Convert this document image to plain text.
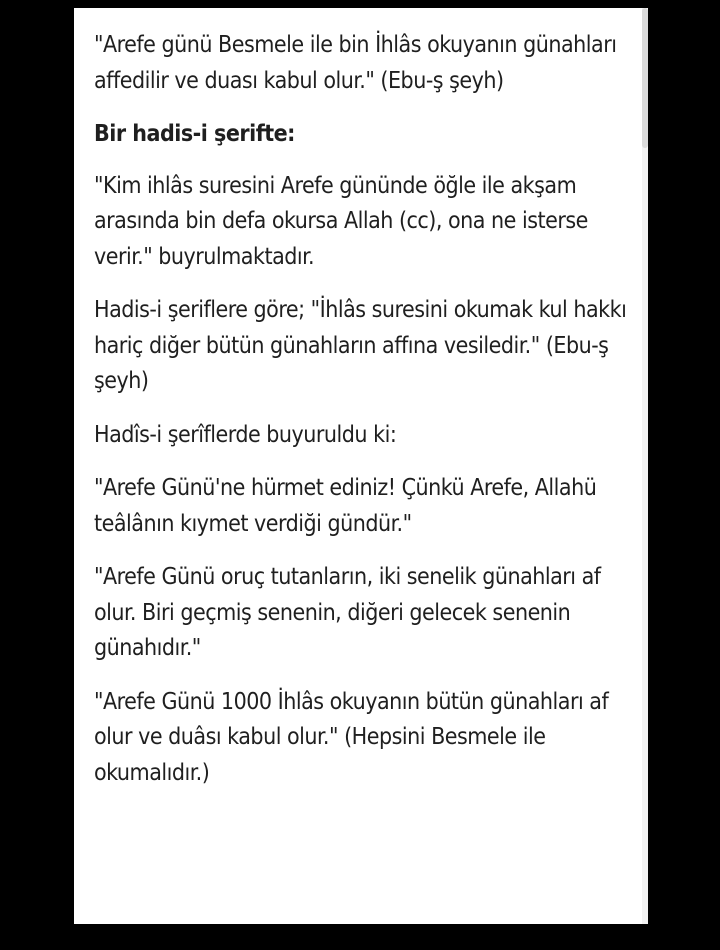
"Arefe günü Besmele ile bin İhlâs okuyanın günahları affedilir ve duası kabul olur." (Ebu-ş şeyh)

Bir hadis-i şerifte:

"Kim ihlâs suresini Arefe gününde öğle ile akşam arasında bin defa okursa Allah (cc), ona ne isterse verir." buyrulmaktadır.

Hadis-i şeriflere göre; "İhlâs suresini okumak kul hakkı hariç diğer bütün günahların affına vesiledir." (Ebu-ş şeyh)

Hadîs-i şerîflerde buyuruldu ki:

"Arefe Günü'ne hürmet ediniz! Çünkü Arefe, Allahü teâlânın kıymet verdiği gündür."

"Arefe Günü oruç tutanların, iki senelik günahları af olur. Biri geçmiş senenin, diğeri gelecek senenin günahıdır."

"Arefe Günü 1000 İhlâs okuyanın bütün günahları af olur ve duâsı kabul olur." (Hepsini Besmele ile okumalıdır.)
